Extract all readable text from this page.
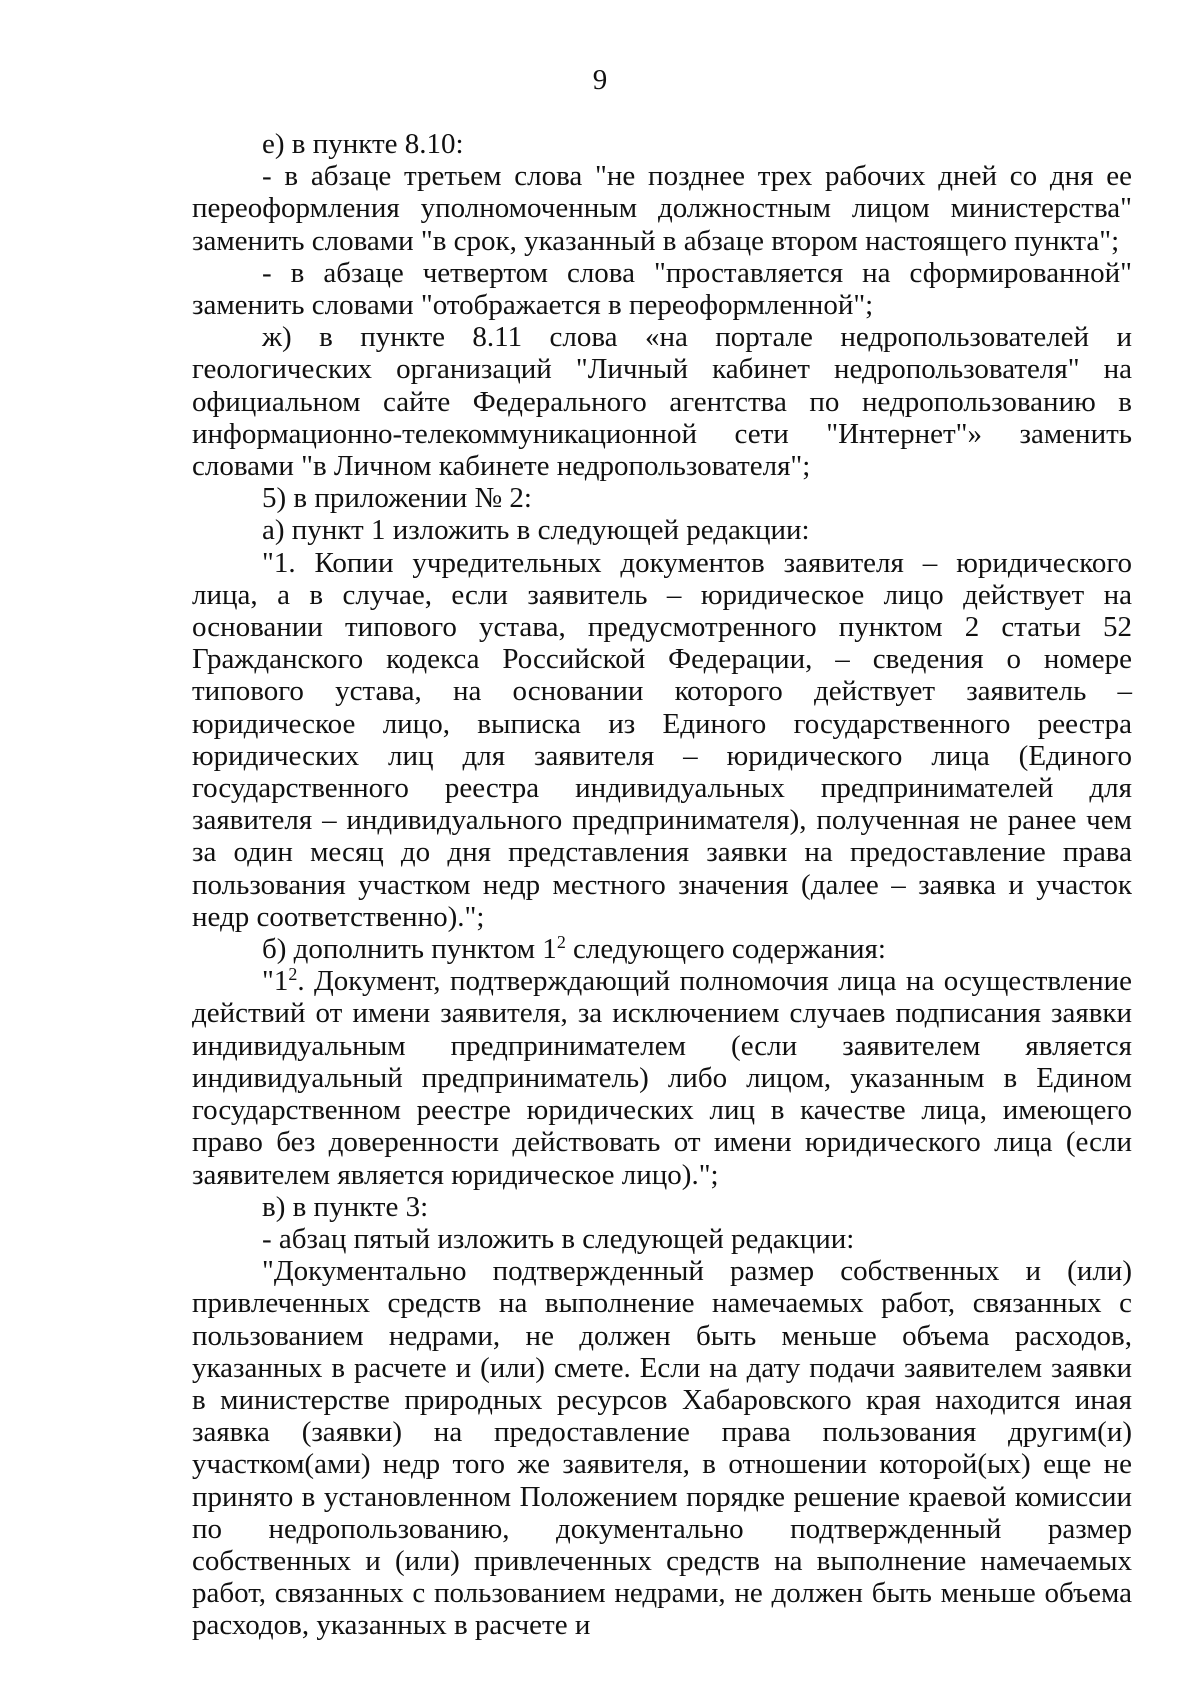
9

е) в пункте 8.10:

- в абзаце третьем слова "не позднее трех рабочих дней со дня ее переоформления уполномоченным должностным лицом министерства" заменить словами "в срок, указанный в абзаце втором настоящего пункта";

- в абзаце четвертом слова "проставляется на сформированной" заменить словами "отображается в переоформленной";

ж) в пункте 8.11 слова «на портале недропользователей и геологических организаций "Личный кабинет недропользователя" на официальном сайте Федерального агентства по недропользованию в информационно-телекоммуникационной сети "Интернет"» заменить словами "в Личном кабинете недропользователя";

5) в приложении № 2:

а) пункт 1 изложить в следующей редакции:

"1. Копии учредительных документов заявителя – юридического лица, а в случае, если заявитель – юридическое лицо действует на основании типового устава, предусмотренного пунктом 2 статьи 52 Гражданского кодекса Российской Федерации, – сведения о номере типового устава, на основании которого действует заявитель – юридическое лицо, выписка из Единого государственного реестра юридических лиц для заявителя – юридического лица (Единого государственного реестра индивидуальных предпринимателей для заявителя – индивидуального предпринимателя), полученная не ранее чем за один месяц до дня представления заявки на предоставление права пользования участком недр местного значения (далее – заявка и участок недр соответственно).";

б) дополнить пунктом $1^2$ следующего содержания:

"$1^2$. Документ, подтверждающий полномочия лица на осуществление действий от имени заявителя, за исключением случаев подписания заявки индивидуальным предпринимателем (если заявителем является индивидуальный предприниматель) либо лицом, указанным в Едином государственном реестре юридических лиц в качестве лица, имеющего право без доверенности действовать от имени юридического лица (если заявителем является юридическое лицо).";

в) в пункте 3:

- абзац пятый изложить в следующей редакции:

"Документально подтвержденный размер собственных и (или) привлеченных средств на выполнение намечаемых работ, связанных с пользованием недрами, не должен быть меньше объема расходов, указанных в расчете и (или) смете. Если на дату подачи заявителем заявки в министерстве природных ресурсов Хабаровского края находится иная заявка (заявки) на предоставление права пользования другим(и) участком(ами) недр того же заявителя, в отношении которой(ых) еще не принято в установленном Положением порядке решение краевой комиссии по недропользованию, документально подтвержденный размер собственных и (или) привлеченных средств на выполнение намечаемых работ, связанных с пользованием недрами, не должен быть меньше объема расходов, указанных в расчете и
